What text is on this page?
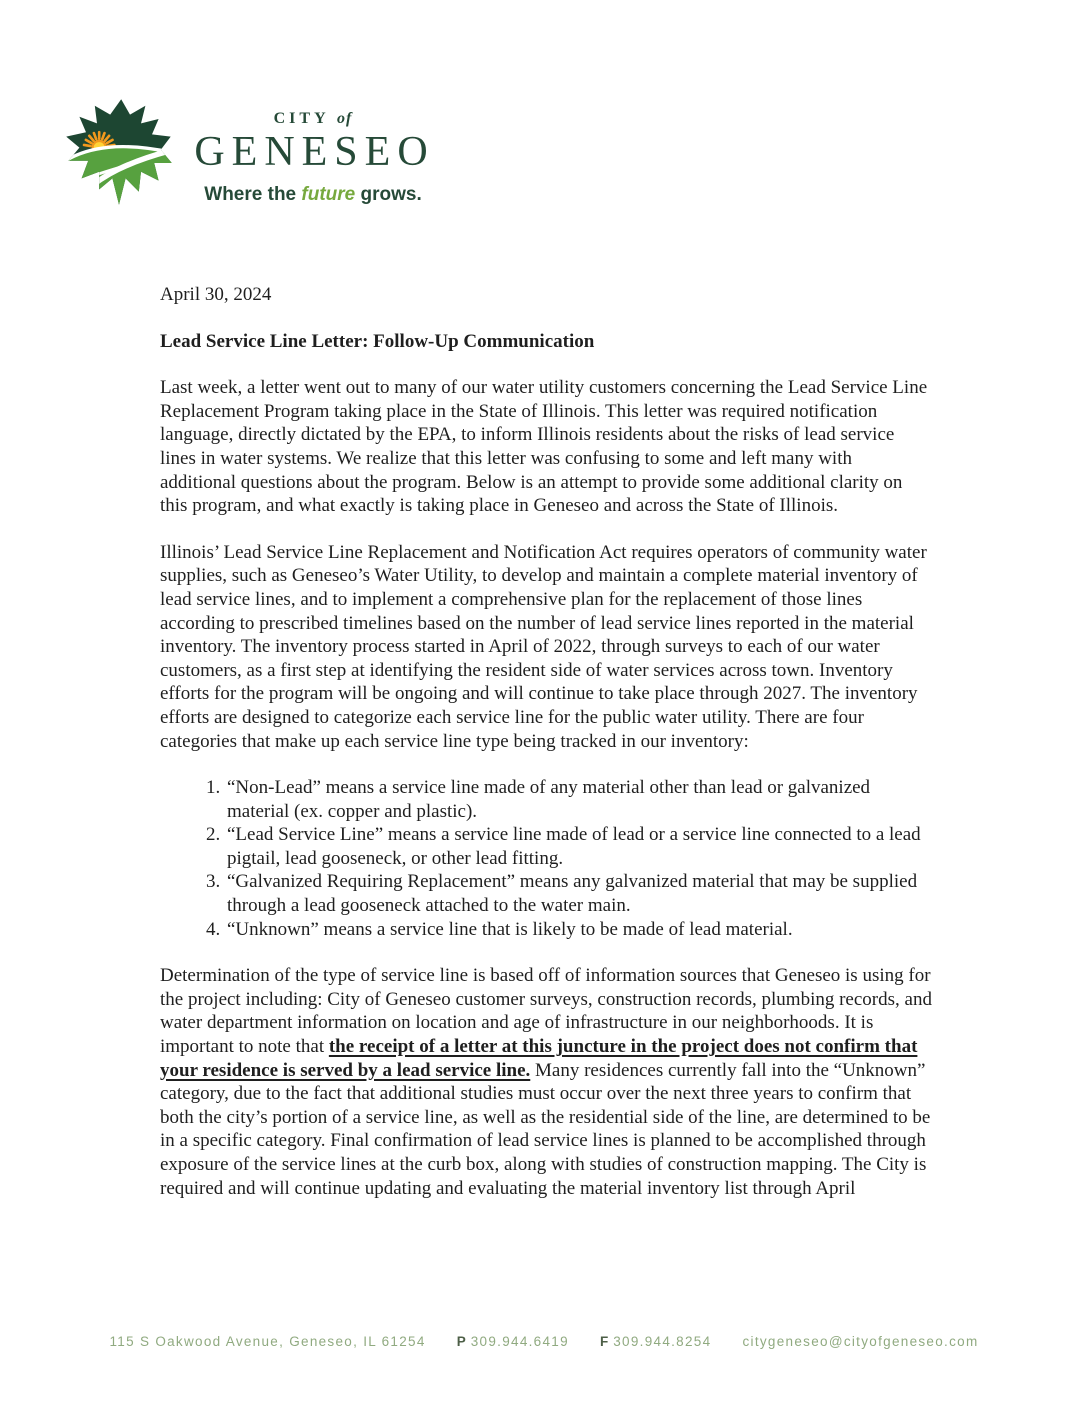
CITY of
GENESEO
Where the future grows.

April 30, 2024

Lead Service Line Letter: Follow-Up Communication

Last week, a letter went out to many of our water utility customers concerning the Lead Service Line Replacement Program taking place in the State of Illinois. This letter was required notification language, directly dictated by the EPA, to inform Illinois residents about the risks of lead service lines in water systems. We realize that this letter was confusing to some and left many with additional questions about the program. Below is an attempt to provide some additional clarity on this program, and what exactly is taking place in Geneseo and across the State of Illinois.

Illinois’ Lead Service Line Replacement and Notification Act requires operators of community water supplies, such as Geneseo’s Water Utility, to develop and maintain a complete material inventory of lead service lines, and to implement a comprehensive plan for the replacement of those lines according to prescribed timelines based on the number of lead service lines reported in the material inventory. The inventory process started in April of 2022, through surveys to each of our water customers, as a first step at identifying the resident side of water services across town. Inventory efforts for the program will be ongoing and will continue to take place through 2027. The inventory efforts are designed to categorize each service line for the public water utility. There are four categories that make up each service line type being tracked in our inventory:

1. “Non-Lead” means a service line made of any material other than lead or galvanized material (ex. copper and plastic).
2. “Lead Service Line” means a service line made of lead or a service line connected to a lead pigtail, lead gooseneck, or other lead fitting.
3. “Galvanized Requiring Replacement” means any galvanized material that may be supplied through a lead gooseneck attached to the water main.
4. “Unknown” means a service line that is likely to be made of lead material.

Determination of the type of service line is based off of information sources that Geneseo is using for the project including: City of Geneseo customer surveys, construction records, plumbing records, and water department information on location and age of infrastructure in our neighborhoods. It is important to note that the receipt of a letter at this juncture in the project does not confirm that your residence is served by a lead service line. Many residences currently fall into the “Unknown” category, due to the fact that additional studies must occur over the next three years to confirm that both the city’s portion of a service line, as well as the residential side of the line, are determined to be in a specific category. Final confirmation of lead service lines is planned to be accomplished through exposure of the service lines at the curb box, along with studies of construction mapping. The City is required and will continue updating and evaluating the material inventory list through April

115 S Oakwood Avenue, Geneseo, IL 61254 P 309.944.6419 F 309.944.8254 citygeneseo@cityofgeneseo.com
